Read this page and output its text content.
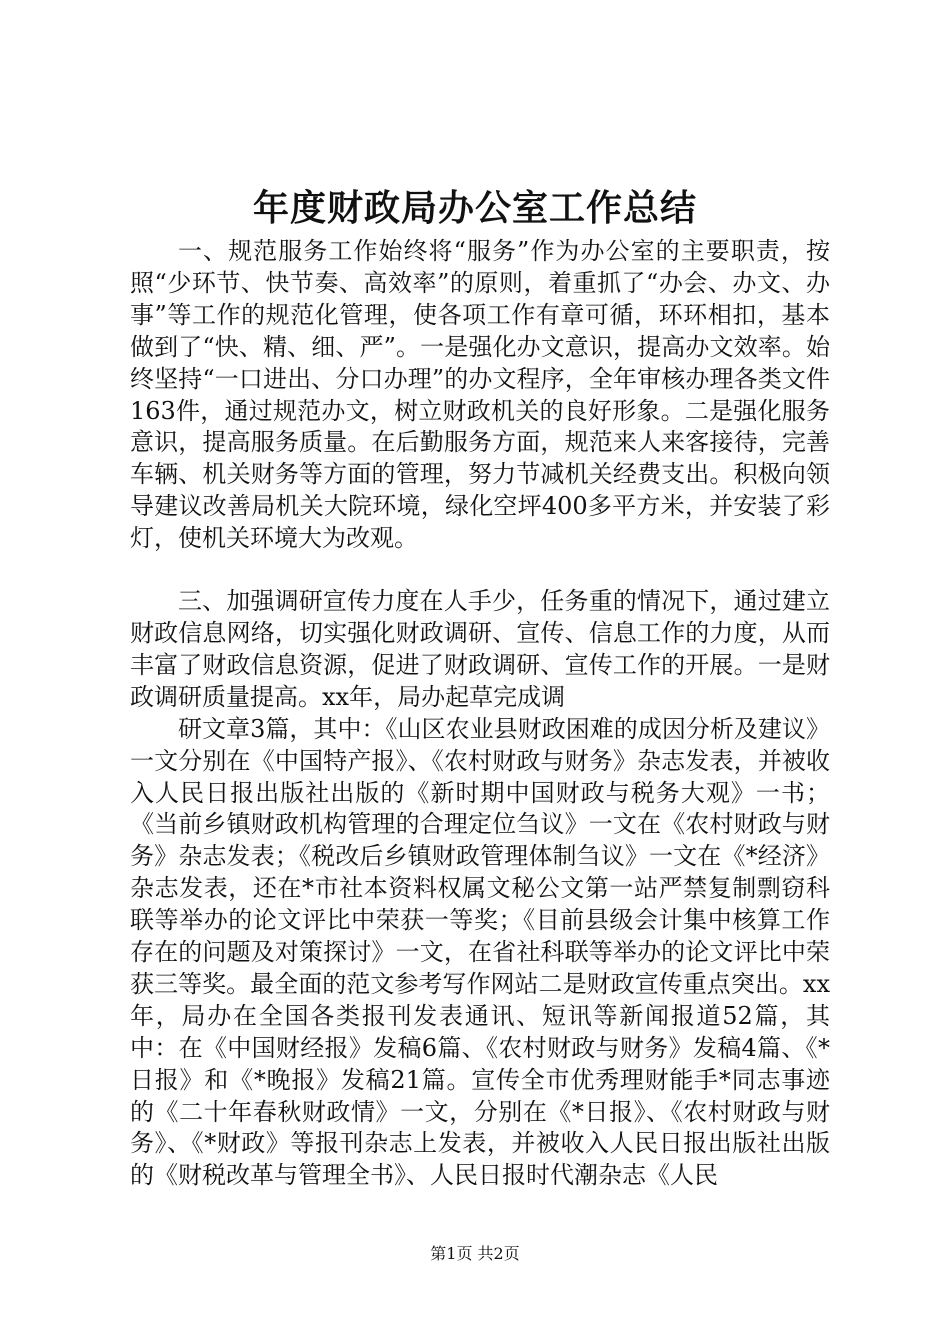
年度财政局办公室工作总结

一、规范服务工作始终将“服务”作为办公室的主要职责，按照“少环节、快节奏、高效率”的原则，着重抓了“办会、办文、办事”等工作的规范化管理，使各项工作有章可循，环环相扣，基本做到了“快、精、细、严”。一是强化办文意识，提高办文效率。始终坚持“一口进出、分口办理”的办文程序，全年审核办理各类文件163件，通过规范办文，树立财政机关的良好形象。二是强化服务意识，提高服务质量。在后勤服务方面，规范来人来客接待，完善车辆、机关财务等方面的管理，努力节减机关经费支出。积极向领导建议改善局机关大院环境，绿化空坪400多平方米，并安装了彩灯，使机关环境大为改观。

三、加强调研宣传力度在人手少，任务重的情况下，通过建立财政信息网络，切实强化财政调研、宣传、信息工作的力度，从而丰富了财政信息资源，促进了财政调研、宣传工作的开展。一是财政调研质量提高。xx年，局办起草完成调

研文章3篇，其中：《山区农业县财政困难的成因分析及建议》一文分别在《中国特产报》、《农村财政与财务》杂志发表，并被收入人民日报出版社出版的《新时期中国财政与税务大观》一书；《当前乡镇财政机构管理的合理定位刍议》一文在《农村财政与财务》杂志发表；《税改后乡镇财政管理体制刍议》一文在《*经济》杂志发表，还在*市社本资料权属文秘公文第一站严禁复制剽窃科联等举办的论文评比中荣获一等奖；《目前县级会计集中核算工作存在的问题及对策探讨》一文，在省社科联等举办的论文评比中荣获三等奖。最全面的范文参考写作网站二是财政宣传重点突出。xx年，局办在全国各类报刊发表通讯、短讯等新闻报道52篇，其中：在《中国财经报》发稿6篇、《农村财政与财务》发稿4篇、《*日报》和《*晚报》发稿21篇。宣传全市优秀理财能手*同志事迹的《二十年春秋财政情》一文，分别在《*日报》、《农村财政与财务》、《*财政》等报刊杂志上发表，并被收入人民日报出版社出版的《财税改革与管理全书》、人民日报时代潮杂志《人民

第1页 共2页
